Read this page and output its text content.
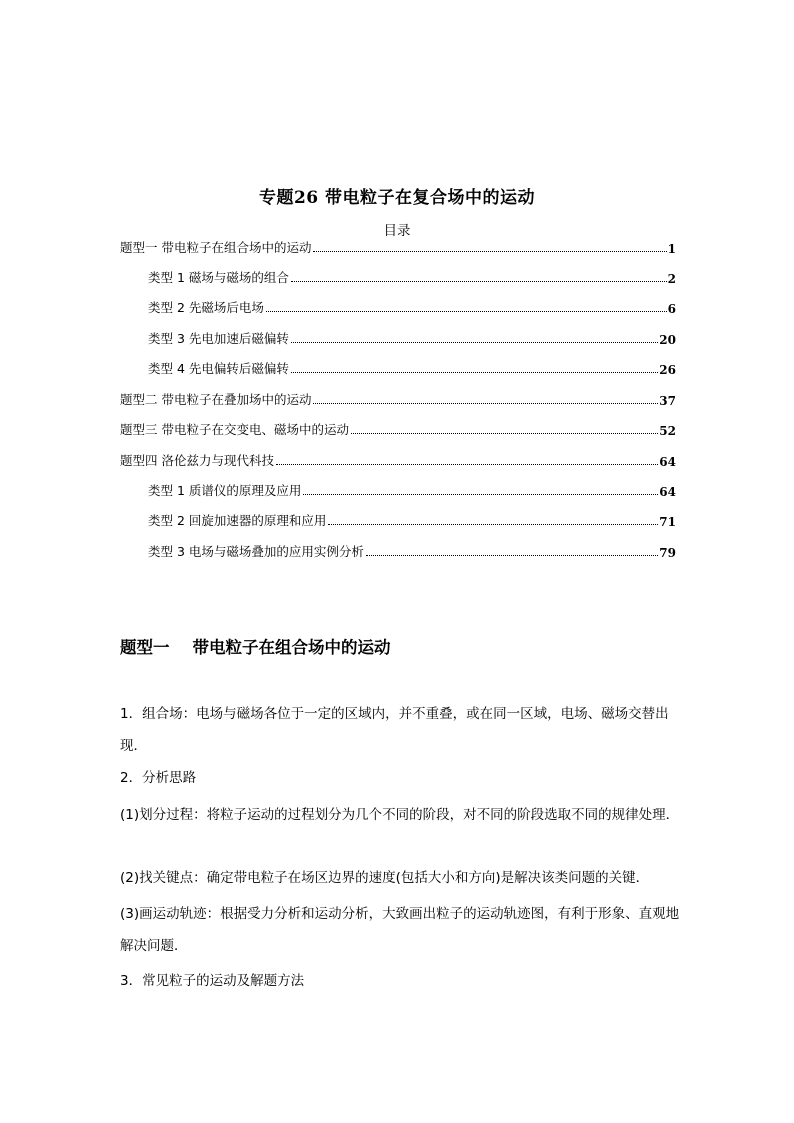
专题26 带电粒子在复合场中的运动
目录
题型一 带电粒子在组合场中的运动	1
类型 1 磁场与磁场的组合	2
类型 2 先磁场后电场	6
类型 3 先电加速后磁偏转	20
类型 4 先电偏转后磁偏转	26
题型二 带电粒子在叠加场中的运动	37
题型三 带电粒子在交变电、磁场中的运动	52
题型四 洛伦兹力与现代科技	64
类型 1 质谱仪的原理及应用	64
类型 2 回旋加速器的原理和应用	71
类型 3 电场与磁场叠加的应用实例分析	79
题型一    带电粒子在组合场中的运动
1．组合场：电场与磁场各位于一定的区域内，并不重叠，或在同一区域，电场、磁场交替出现．
2．分析思路
(1)划分过程：将粒子运动的过程划分为几个不同的阶段，对不同的阶段选取不同的规律处理．
(2)找关键点：确定带电粒子在场区边界的速度(包括大小和方向)是解决该类问题的关键．
(3)画运动轨迹：根据受力分析和运动分析，大致画出粒子的运动轨迹图，有利于形象、直观地解决问题．
3．常见粒子的运动及解题方法
